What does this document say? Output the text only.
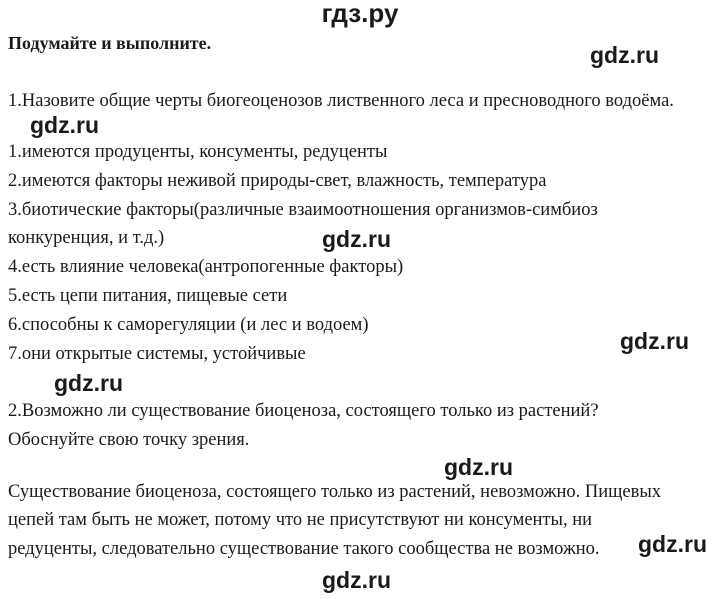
гдз.ру
Подумайте и выполните.
1.Назовите общие черты биогеоценозов лиственного леса и пресноводного водоёма.
1.имеются продуценты, консументы, редуценты
2.имеются факторы неживой природы-свет, влажность, температура
3.биотические факторы(различные взаимоотношения организмов-симбиоз
конкуренция, и т.д.)
4.есть влияние человека(антропогенные факторы)
5.есть цепи питания, пищевые сети
6.способны к саморегуляции (и лес и водоем)
7.они открытые системы, устойчивые
2.Возможно ли существование биоценоза, состоящего только из растений?
Обоснуйте свою точку зрения.
Существование биоценоза, состоящего только из растений, невозможно. Пищевых
цепей там быть не может, потому что не присутствуют ни консументы, ни
редуценты, следовательно существование такого сообщества не возможно.
gdz.ru
gdz.ru
gdz.ru
gdz.ru
gdz.ru
gdz.ru
gdz.ru
gdz.ru
